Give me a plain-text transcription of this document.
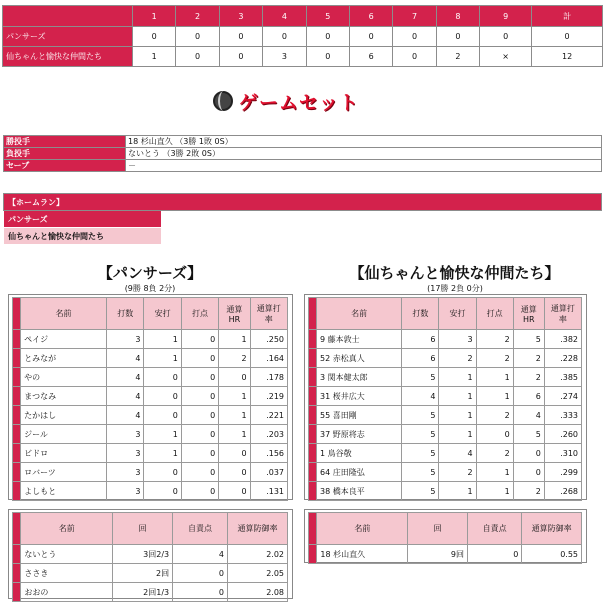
	1	2	3	4	5	6	7	8	9	計
パンサーズ	0	0	0	0	0	0	0	0	0	0
仙ちゃんと愉快な仲間たち	1	0	0	3	0	6	0	2	×	12
ゲームセット
勝投手	18 杉山直久 （3勝 1敗 0S）
負投手	ないとう （3勝 2敗 0S）
セーブ	－
【ホームラン】	
パンサーズ	
仙ちゃんと愉快な仲間たち	
【パンサーズ】
(9勝 8負 2分)
【仙ちゃんと愉快な仲間たち】
(17勝 2負 0分)
	名前	打数	安打	打点	通算HR	通算打率
	ペイジ	3	1	0	1	.250
	とみなが	4	1	0	2	.164
	やの	4	0	0	0	.178
	まつなみ	4	0	0	1	.219
	たかはし	4	0	0	1	.221
	ジール	3	1	0	1	.203
	ビドロ	3	1	0	0	.156
	ロバーツ	3	0	0	0	.037
	よしもと	3	0	0	0	.131
	名前	打数	安打	打点	通算HR	通算打率
	9 藤本敦士	6	3	2	5	.382
	52 赤松真人	6	2	2	2	.228
	3 関本健太郎	5	1	1	2	.385
	31 桜井広大	4	1	1	6	.274
	55 喜田剛	5	1	2	4	.333
	37 野原将志	5	1	0	5	.260
	1 鳥谷敬	5	4	2	0	.310
	64 庄田隆弘	5	2	1	0	.299
	38 橋本良平	5	1	1	2	.268
	名前	回	自責点	通算防御率
	ないとう	3回2/3	4	2.02
	ささき	2回	0	2.05
	おおの	2回1/3	0	2.08
	名前	回	自責点	通算防御率
	18 杉山直久	9回	0	0.55
